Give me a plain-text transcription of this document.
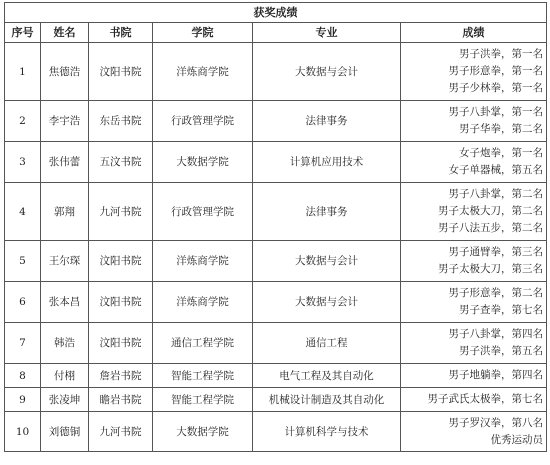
获奖成绩					
序号	姓名	书院	学院	专业	成绩
1	焦德浩	汶阳书院	洋炼商学院	大数据与会计	男子洪拳，第一名
男子形意拳，第一名
男子少林拳，第一名

2	李宇浩	东岳书院	行政管理学院	法律事务	男子八卦掌，第一名
男子华拳，第二名

3	张伟蕾	五汶书院	大数据学院	计算机应用技术	女子炮拳，第一名
女子单器械，第五名

4	郭翔	九河书院	行政管理学院	法律事务	男子八卦掌，第二名
男子太极大刀，第二名
男子八法五步，第二名

5	王尔琛	汶阳书院	洋炼商学院	大数据与会计	男子通臂拳，第三名
男子太极大刀，第三名

6	张本昌	汶阳书院	洋炼商学院	大数据与会计	男子形意拳，第二名
男子查拳，第七名

7	韩浩	汶阳书院	通信工程学院	通信工程	男子八卦掌，第四名
男子洪拳，第五名

8	付栩	詹岩书院	智能工程学院	电气工程及其自动化	男子地躺拳，第四名

9	张凌坤	瞻岩书院	智能工程学院	机械设计制造及其自动化	男子武氏太极拳，第七名

10	刘德铜	九河书院	大数据学院	计算机科学与技术	男子罗汉拳，第八名
优秀运动员
